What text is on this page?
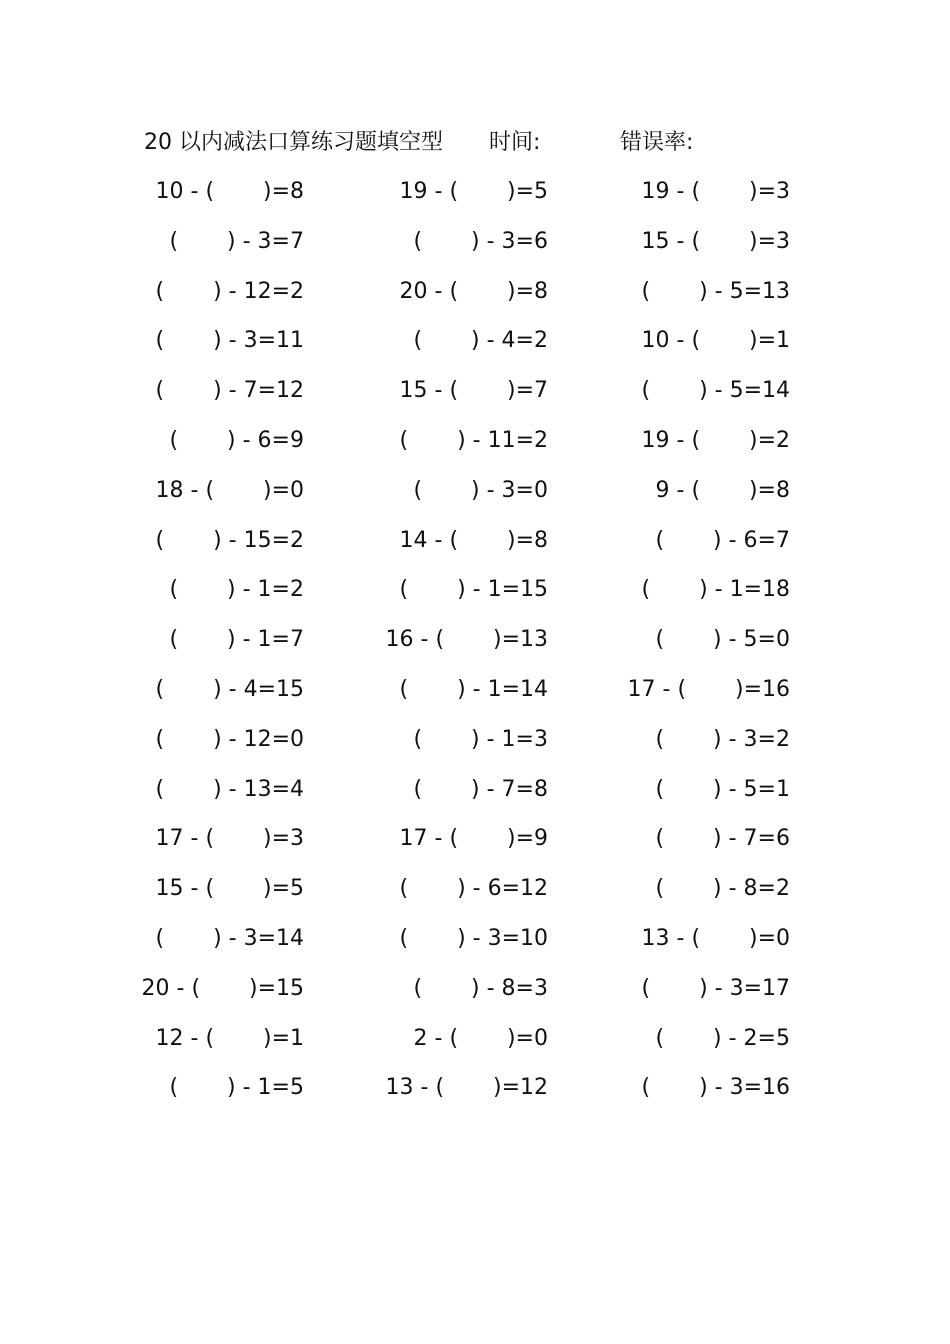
20 以内减法口算练习题填空型 时间:	错误率:
10 - (       )=8	19 - (       )=5	19 - (       )=3
(       ) - 3=7	(       ) - 3=6	15 - (       )=3
(       ) - 12=2	20 - (       )=8	(       ) - 5=13
(       ) - 3=11	(       ) - 4=2	10 - (       )=1
(       ) - 7=12	15 - (       )=7	(       ) - 5=14
(       ) - 6=9	(       ) - 11=2	19 - (       )=2
18 - (       )=0	(       ) - 3=0	9 - (       )=8
(       ) - 15=2	14 - (       )=8	(       ) - 6=7
(       ) - 1=2	(       ) - 1=15	(       ) - 1=18
(       ) - 1=7	16 - (       )=13	(       ) - 5=0
(       ) - 4=15	(       ) - 1=14	17 - (       )=16
(       ) - 12=0	(       ) - 1=3	(       ) - 3=2
(       ) - 13=4	(       ) - 7=8	(       ) - 5=1
17 - (       )=3	17 - (       )=9	(       ) - 7=6
15 - (       )=5	(       ) - 6=12	(       ) - 8=2
(       ) - 3=14	(       ) - 3=10	13 - (       )=0
20 - (       )=15	(       ) - 8=3	(       ) - 3=17
12 - (       )=1	2 - (       )=0	(       ) - 2=5
(       ) - 1=5	13 - (       )=12	(       ) - 3=16
